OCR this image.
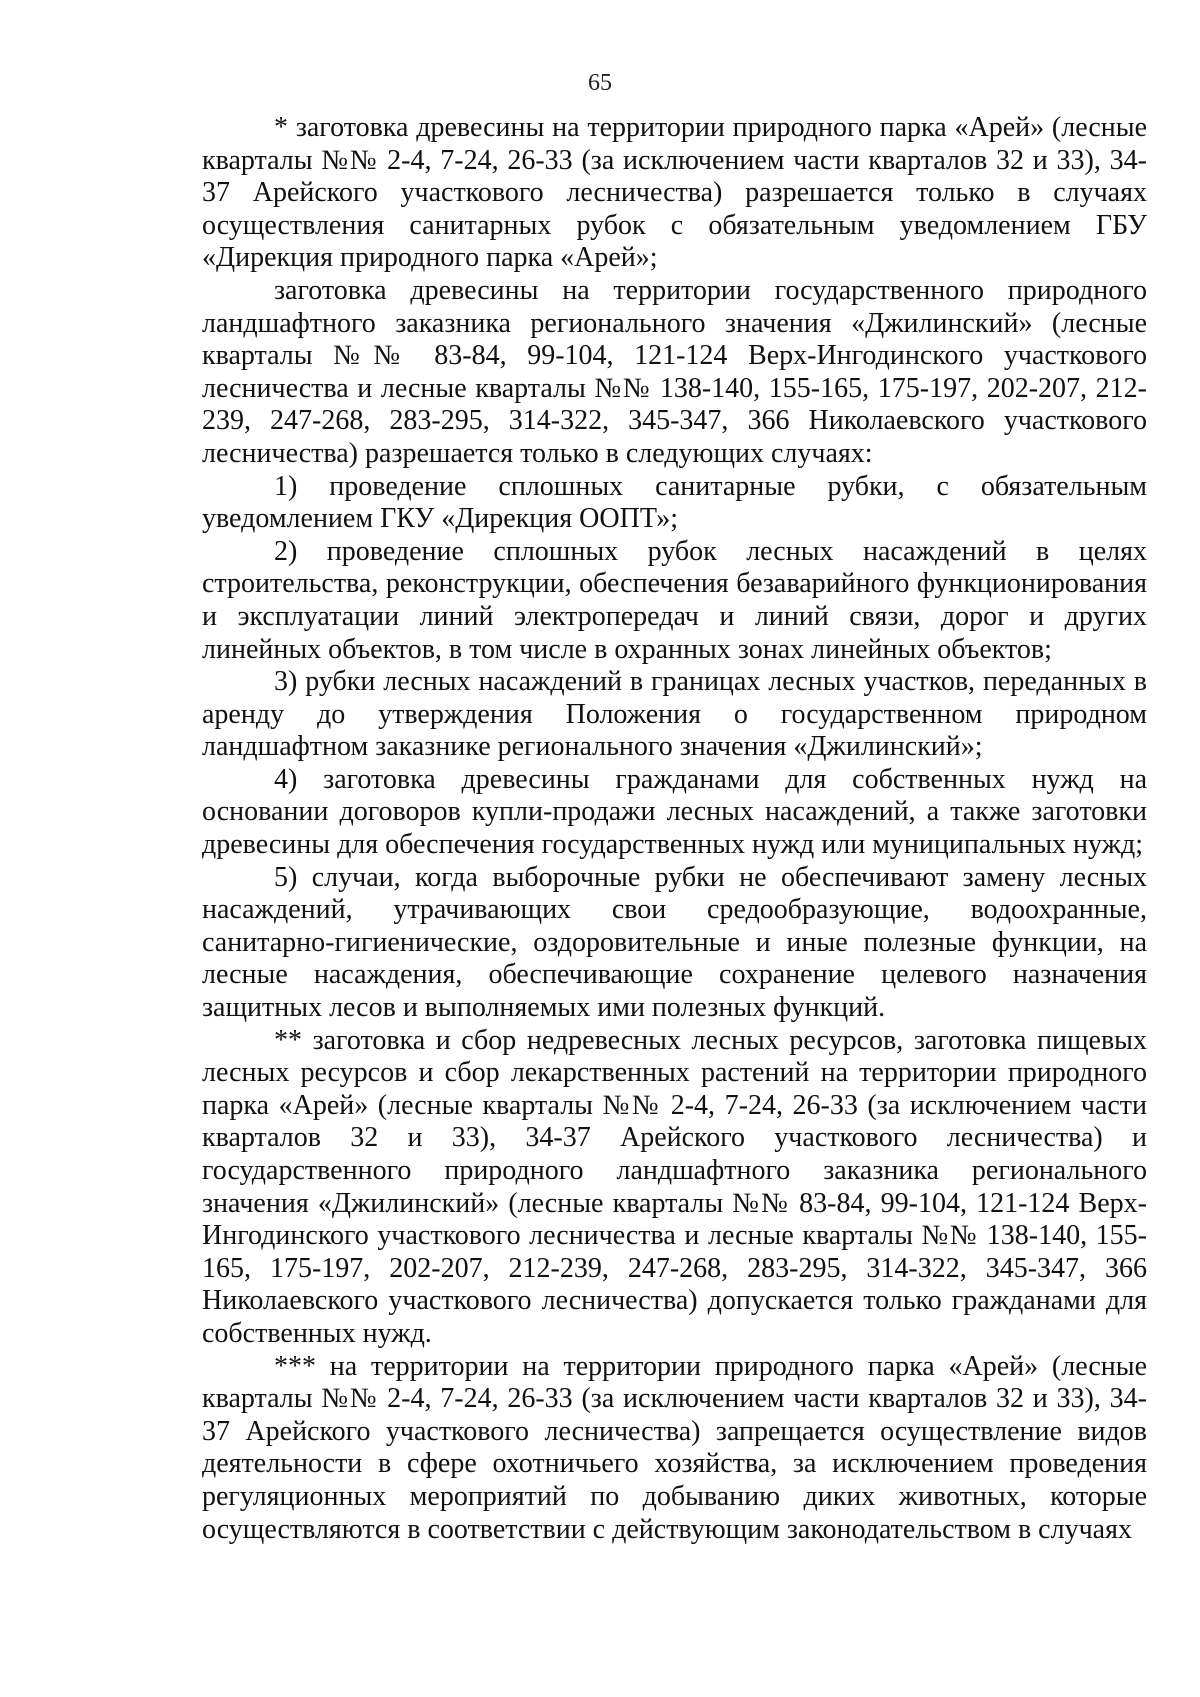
65

* заготовка древесины на территории природного парка «Арей» (лесные кварталы №№ 2-4, 7-24, 26-33 (за исключением части кварталов 32 и 33), 34-37 Арейского участкового лесничества) разрешается только в случаях осуществления санитарных рубок с обязательным уведомлением ГБУ «Дирекция природного парка «Арей»;

заготовка древесины на территории государственного природного ландшафтного заказника регионального значения «Джилинский» (лесные кварталы №№ 83-84, 99-104, 121-124 Верх-Ингодинского участкового лесничества и лесные кварталы №№ 138-140, 155-165, 175-197, 202-207, 212-239, 247-268, 283-295, 314-322, 345-347, 366 Николаевского участкового лесничества) разрешается только в следующих случаях:

1) проведение сплошных санитарные рубки, с обязательным уведомлением ГКУ «Дирекция ООПТ»;

2) проведение сплошных рубок лесных насаждений в целях строительства, реконструкции, обеспечения безаварийного функционирования и эксплуатации линий электропередач и линий связи, дорог и других линейных объектов, в том числе в охранных зонах линейных объектов;

3) рубки лесных насаждений в границах лесных участков, переданных в аренду до утверждения Положения о государственном природном ландшафтном заказнике регионального значения «Джилинский»;

4) заготовка древесины гражданами для собственных нужд на основании договоров купли-продажи лесных насаждений, а также заготовки древесины для обеспечения государственных нужд или муниципальных нужд;

5) случаи, когда выборочные рубки не обеспечивают замену лесных насаждений, утрачивающих свои средообразующие, водоохранные, санитарно-гигиенические, оздоровительные и иные полезные функции, на лесные насаждения, обеспечивающие сохранение целевого назначения защитных лесов и выполняемых ими полезных функций.

** заготовка и сбор недревесных лесных ресурсов, заготовка пищевых лесных ресурсов и сбор лекарственных растений на территории природного парка «Арей» (лесные кварталы №№ 2-4, 7-24, 26-33 (за исключением части кварталов 32 и 33), 34-37 Арейского участкового лесничества) и государственного природного ландшафтного заказника регионального значения «Джилинский» (лесные кварталы №№ 83-84, 99-104, 121-124 Верх-Ингодинского участкового лесничества и лесные кварталы №№ 138-140, 155-165, 175-197, 202-207, 212-239, 247-268, 283-295, 314-322, 345-347, 366 Николаевского участкового лесничества) допускается только гражданами для собственных нужд.

*** на территории на территории природного парка «Арей» (лесные кварталы №№ 2-4, 7-24, 26-33 (за исключением части кварталов 32 и 33), 34-37 Арейского участкового лесничества) запрещается осуществление видов деятельности в сфере охотничьего хозяйства, за исключением проведения регуляционных мероприятий по добыванию диких животных, которые осуществляются в соответствии с действующим законодательством в случаях
